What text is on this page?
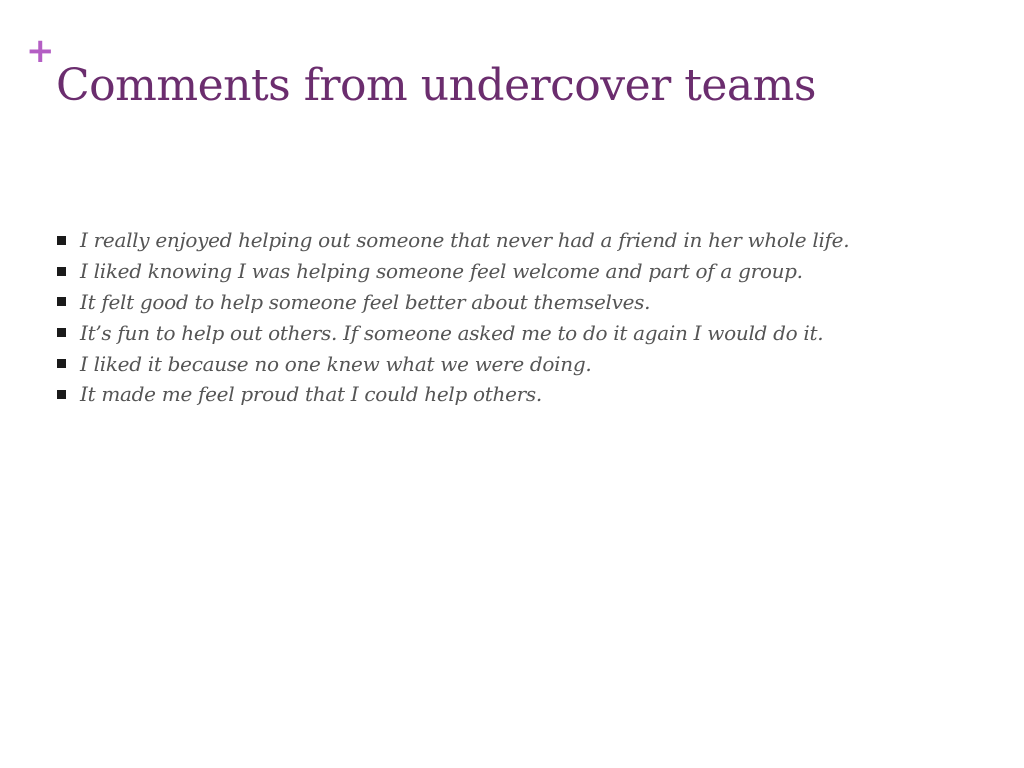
+
Comments from undercover teams
I really enjoyed helping out someone that never had a friend in her whole life.
I liked knowing I was helping someone feel welcome and part of a group.
It felt good to help someone feel better about themselves.
It’s fun to help out others. If someone asked me to do it again I would do it.
I liked it because no one knew what we were doing.
It made me feel proud that I could help others.
